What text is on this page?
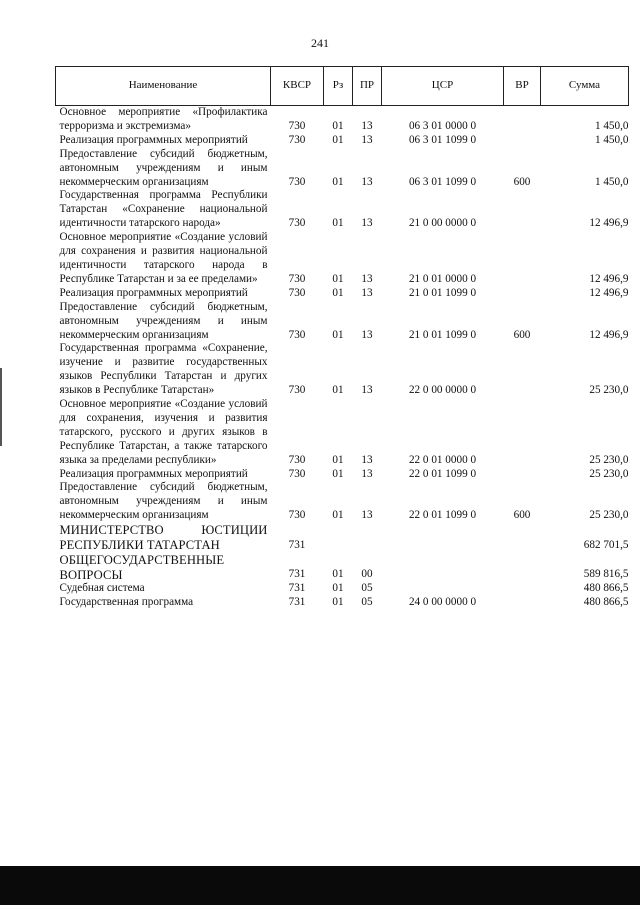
241
Наименование	КВСР	Рз	ПР	ЦСР	ВР	Сумма
Основное мероприятие «Профилактика терроризма и экстремизма»	730	01	13	06 3 01 0000 0		1 450,0
Реализация программных мероприятий	730	01	13	06 3 01 1099 0		1 450,0
Предоставление субсидий бюджетным, автономным учреждениям и иным некоммерческим организациям	730	01	13	06 3 01 1099 0	600	1 450,0
Государственная программа Республики Татарстан «Сохранение национальной идентичности татарского народа»	730	01	13	21 0 00 0000 0		12 496,9
Основное мероприятие «Создание условий для сохранения и развития национальной идентичности татарского народа в Республике Татарстан и за ее пределами»	730	01	13	21 0 01 0000 0		12 496,9
Реализация программных мероприятий	730	01	13	21 0 01 1099 0		12 496,9
Предоставление субсидий бюджетным, автономным учреждениям и иным некоммерческим организациям	730	01	13	21 0 01 1099 0	600	12 496,9
Государственная программа «Сохранение, изучение и развитие государственных языков Республики Татарстан и других языков в Республике Татарстан»	730	01	13	22 0 00 0000 0		25 230,0
Основное мероприятие «Создание условий для сохранения, изучения и развития татарского, русского и других языков в Республике Татарстан, а также татарского языка за пределами республики»	730	01	13	22 0 01 0000 0		25 230,0
Реализация программных мероприятий	730	01	13	22 0 01 1099 0		25 230,0
Предоставление субсидий бюджетным, автономным учреждениям и иным некоммерческим организациям	730	01	13	22 0 01 1099 0	600	25 230,0
МИНИСТЕРСТВО ЮСТИЦИИ РЕСПУБЛИКИ ТАТАРСТАН	731					682 701,5
ОБЩЕГОСУДАРСТВЕННЫЕ ВОПРОСЫ	731	01	00			589 816,5
Судебная система	731	01	05			480 866,5
Государственная программа	731	01	05	24 0 00 0000 0		480 866,5
